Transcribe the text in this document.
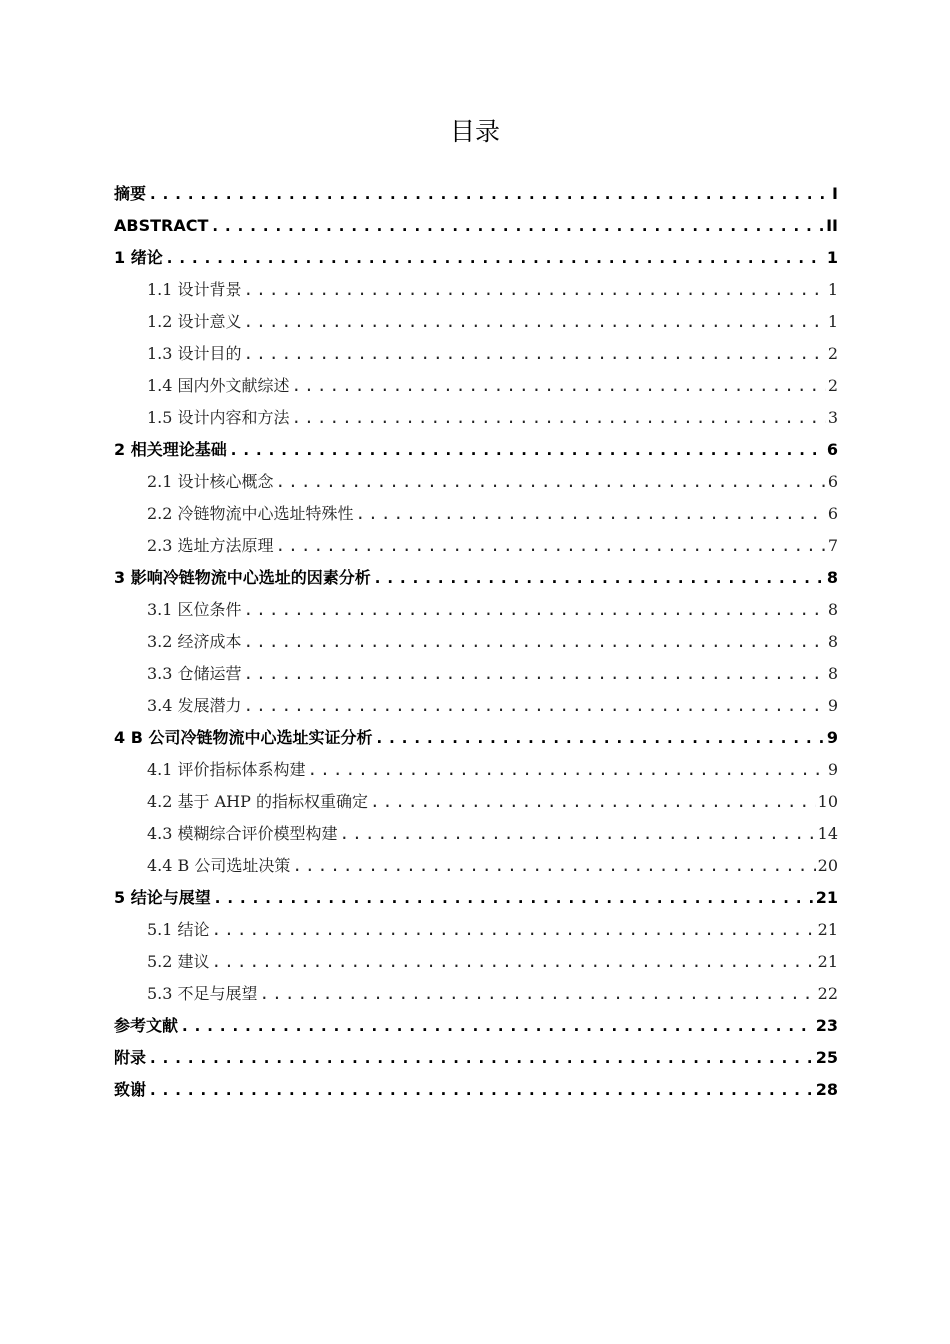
目录
摘要 .....	I
ABSTRACT .....	II
1 绪论 .....	1
1.1 设计背景 .....	1
1.2 设计意义 .....	1
1.3 设计目的 .....	2
1.4 国内外文献综述 .....	2
1.5 设计内容和方法 .....	3
2 相关理论基础 .....	6
2.1 设计核心概念 .....	6
2.2 冷链物流中心选址特殊性 .....	6
2.3 选址方法原理 .....	7
3 影响冷链物流中心选址的因素分析 .....	8
3.1 区位条件 .....	8
3.2 经济成本 .....	8
3.3 仓储运营 .....	8
3.4 发展潜力 .....	9
4 B 公司冷链物流中心选址实证分析 .....	9
4.1 评价指标体系构建 .....	9
4.2 基于 AHP 的指标权重确定 .....	10
4.3 模糊综合评价模型构建 .....	14
4.4 B 公司选址决策 .....	20
5 结论与展望 .....	21
5.1 结论 .....	21
5.2 建议 .....	21
5.3 不足与展望 .....	22
参考文献 .....	23
附录 .....	25
致谢 .....	28
